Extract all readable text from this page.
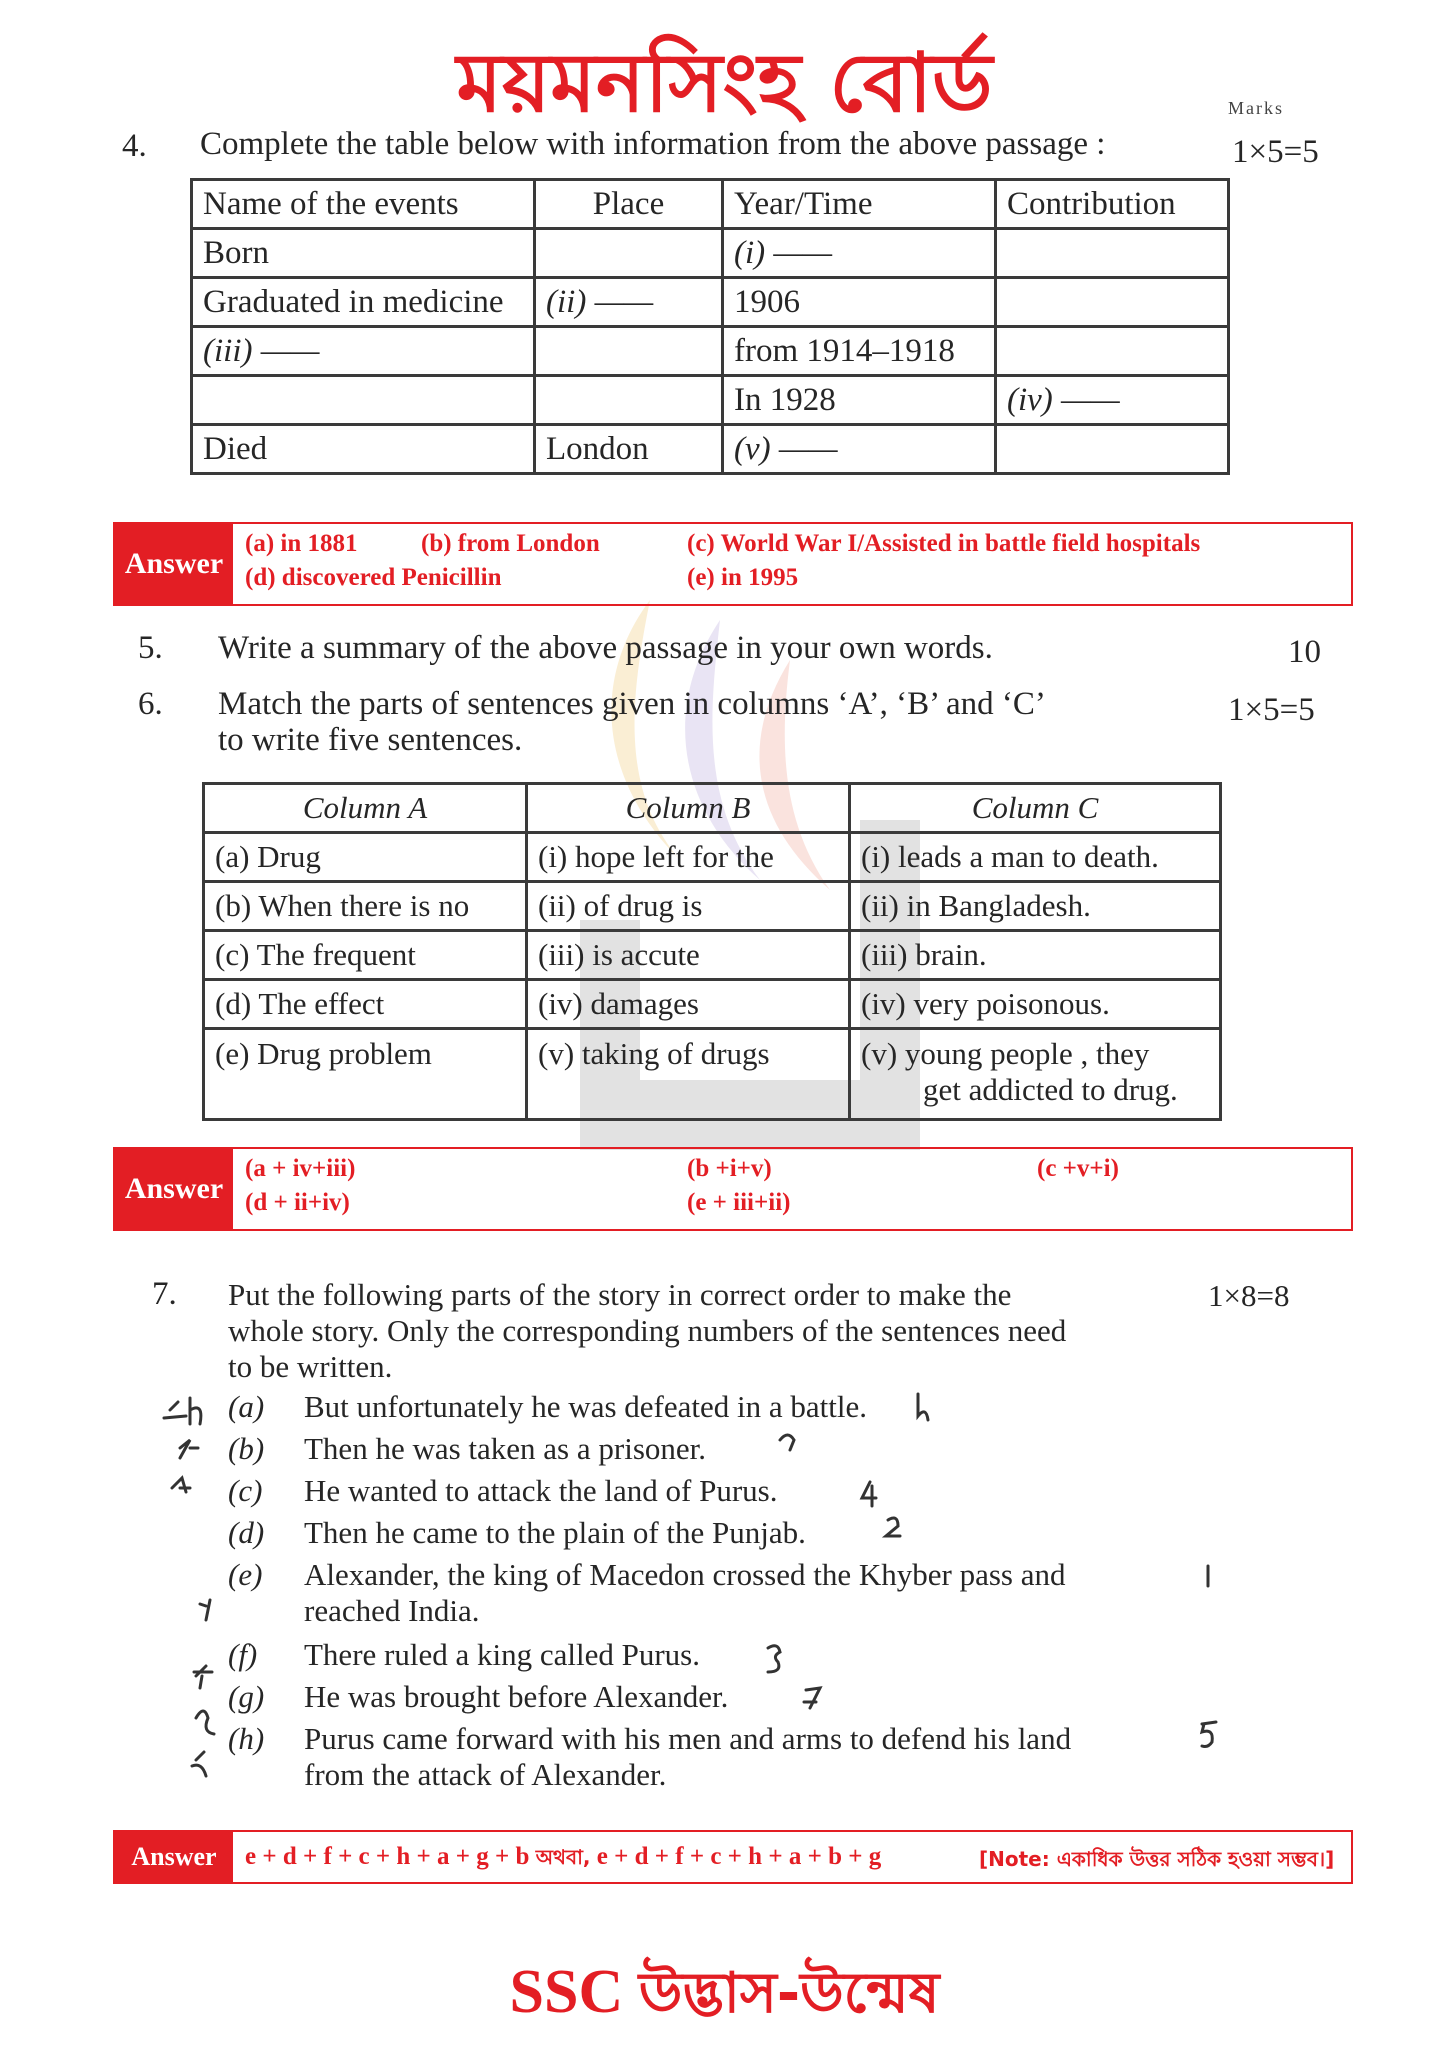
ময়মনসিংহ বোর্ড	Marks
4. Complete the table below with information from the above passage :	1×5=5
Name of the events	Place	Year/Time	Contribution
Born		(i) ——	
Graduated in medicine	(ii) ——	1906	
(iii) ——		from 1914–1918	
		In 1928	(iv) ——
Died	London	(v) ——	
Answer
(a) in 1881	(b) from London	(c) World War I/Assisted in battle field hospitals
(d) discovered Penicillin	(e) in 1995
5. Write a summary of the above passage in your own words.	10
6. Match the parts of sentences given in columns ‘A’, ‘B’ and ‘C’
to write five sentences.
1×5=5
Column A	Column B	Column C
(a) Drug	(i) hope left for the	(i) leads a man to death.
(b) When there is no	(ii) of drug is	(ii) in Bangladesh.
(c) The frequent	(iii) is accute	(iii) brain.
(d) The effect	(iv) damages	(iv) very poisonous.
(e) Drug problem	(v) taking of drugs	(v) young people , they
get addicted to drug.
Answer
(a + iv+iii)	(b +i+v)	(c +v+i)
(d + ii+iv)	(e + iii+ii)
7. Put the following parts of the story in correct order to make the
whole story. Only the corresponding numbers of the sentences need
to be written.
1×8=8
(a) But unfortunately he was defeated in a battle.
(b) Then he was taken as a prisoner.
(c) He wanted to attack the land of Purus.
(d) Then he came to the plain of the Punjab.
(e) Alexander, the king of Macedon crossed the Khyber pass and
reached India.
(f) There ruled a king called Purus.
(g) He was brought before Alexander.
(h) Purus came forward with his men and arms to defend his land
from the attack of Alexander.
Answer	e + d + f + c + h + a + g + b অথবা, e + d + f + c + h + a + b + g	[Note: একাধিক উত্তর সঠিক হওয়া সম্ভব।]
SSC উদ্ভাস-উন্মেষ
